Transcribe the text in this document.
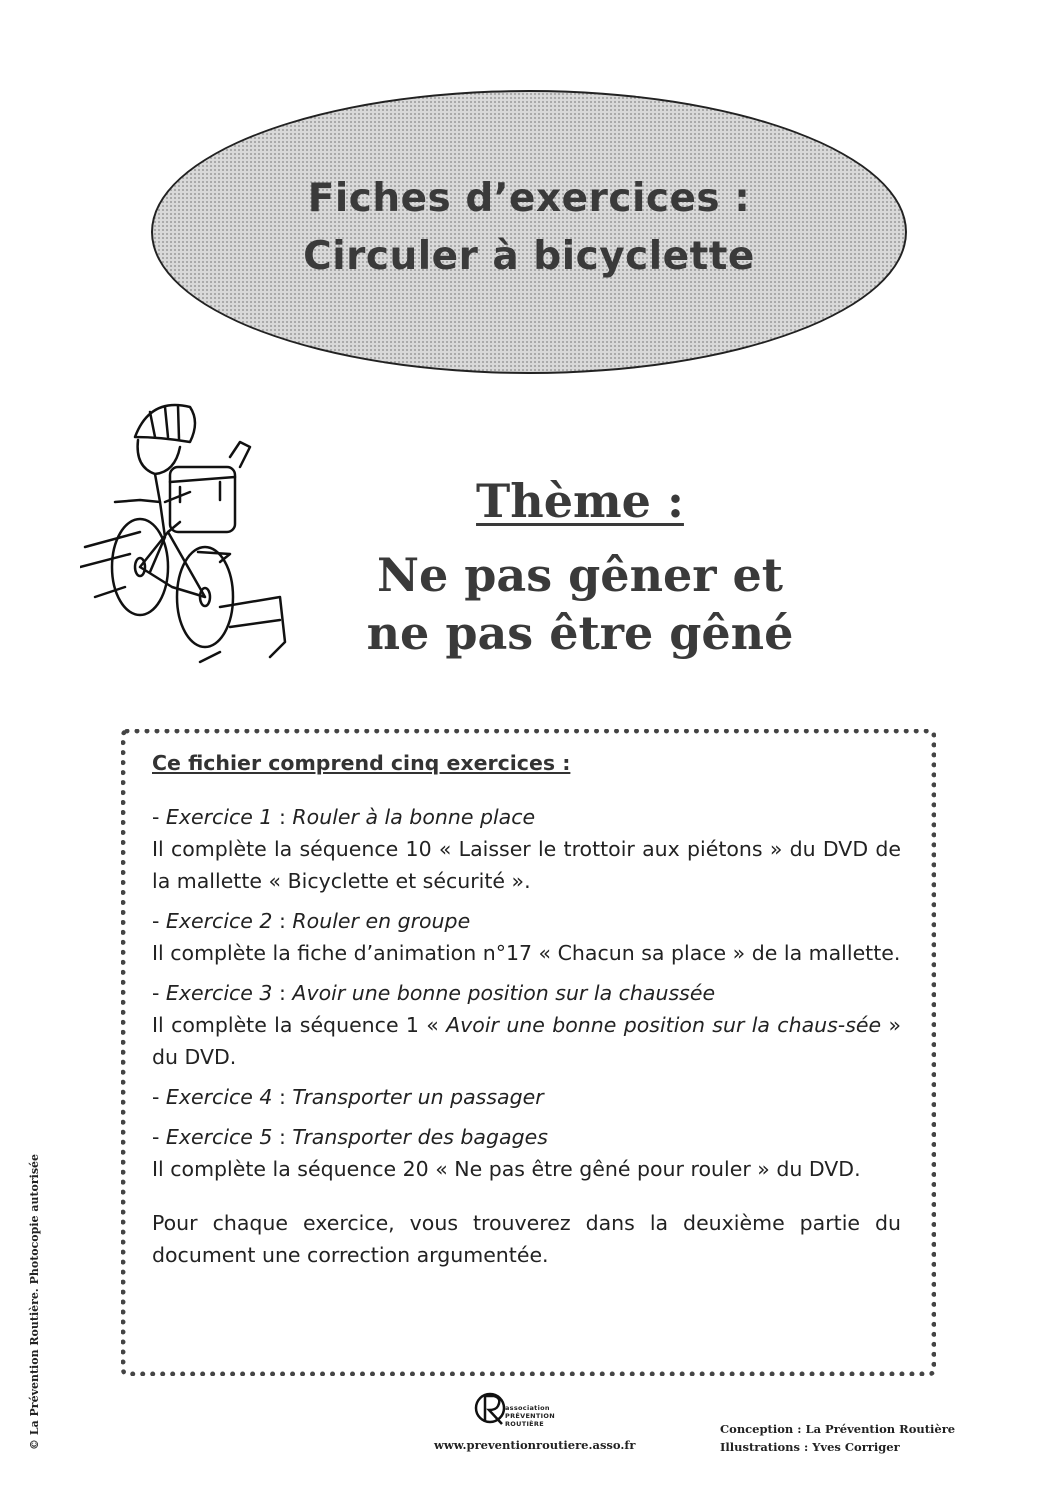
Fiches d’exercices :
Circuler à bicyclette
Thème :
Ne pas gêner et
ne pas être gêné
Ce fichier comprend cinq exercices :
- Exercice 1 : Rouler à la bonne place
Il complète la séquence 10 « Laisser le trottoir aux piétons » du DVD de la mallette « Bicyclette et sécurité ».
- Exercice 2 : Rouler en groupe
Il complète la fiche d’animation n°17 « Chacun sa place » de la mallette.
- Exercice 3 : Avoir une bonne position sur la chaussée
Il complète la séquence 1 « Avoir une bonne position sur la chaus-sée » du DVD.
- Exercice 4 : Transporter un passager
- Exercice 5 : Transporter des bagages
Il complète la séquence 20 « Ne pas être gêné pour rouler » du DVD.
Pour chaque exercice, vous trouverez dans la deuxième partie du document une correction argumentée.
© La Prévention Routière. Photocopie autorisée	association
PRÉVENTION
ROUTIÈRE
www.preventionroutiere.asso.fr
Conception : La Prévention Routière
Illustrations : Yves Corriger
